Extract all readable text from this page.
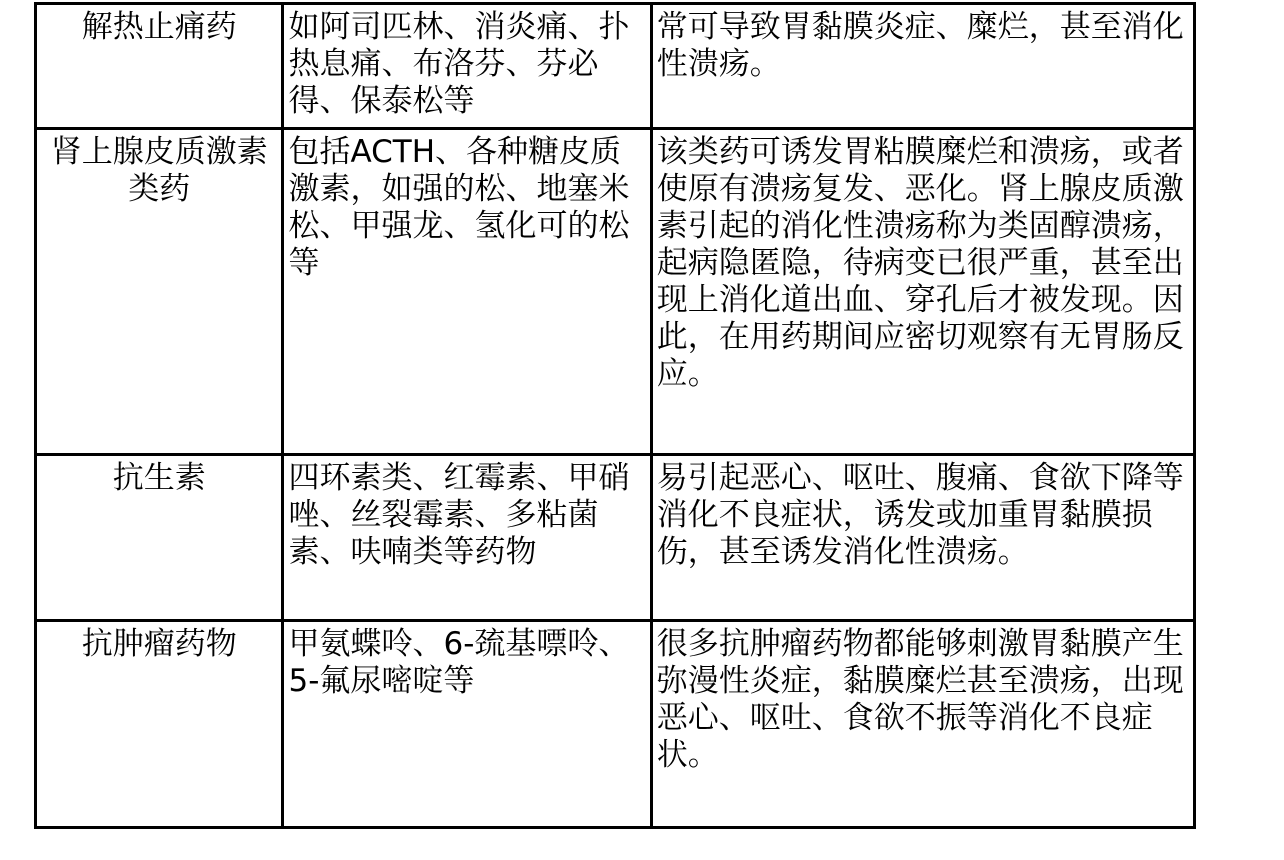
解热止痛药	如阿司匹林、消炎痛、扑热息痛、布洛芬、芬必得、保泰松等	常可导致胃黏膜炎症、糜烂，甚至消化性溃疡。
肾上腺皮质激素类药	包括ACTH、各种糖皮质激素，如强的松、地塞米松、甲强龙、氢化可的松等	该类药可诱发胃粘膜糜烂和溃疡，或者使原有溃疡复发、恶化。肾上腺皮质激素引起的消化性溃疡称为类固醇溃疡，起病隐匿隐，待病变已很严重，甚至出现上消化道出血、穿孔后才被发现。因此，在用药期间应密切观察有无胃肠反应。
抗生素	四环素类、红霉素、甲硝唑、丝裂霉素、多粘菌素、呋喃类等药物	易引起恶心、呕吐、腹痛、食欲下降等消化不良症状，诱发或加重胃黏膜损伤，甚至诱发消化性溃疡。
抗肿瘤药物	甲氨蝶呤、6-巯基嘌呤、5-氟尿嘧啶等	很多抗肿瘤药物都能够刺激胃黏膜产生弥漫性炎症，黏膜糜烂甚至溃疡，出现恶心、呕吐、食欲不振等消化不良症状。
